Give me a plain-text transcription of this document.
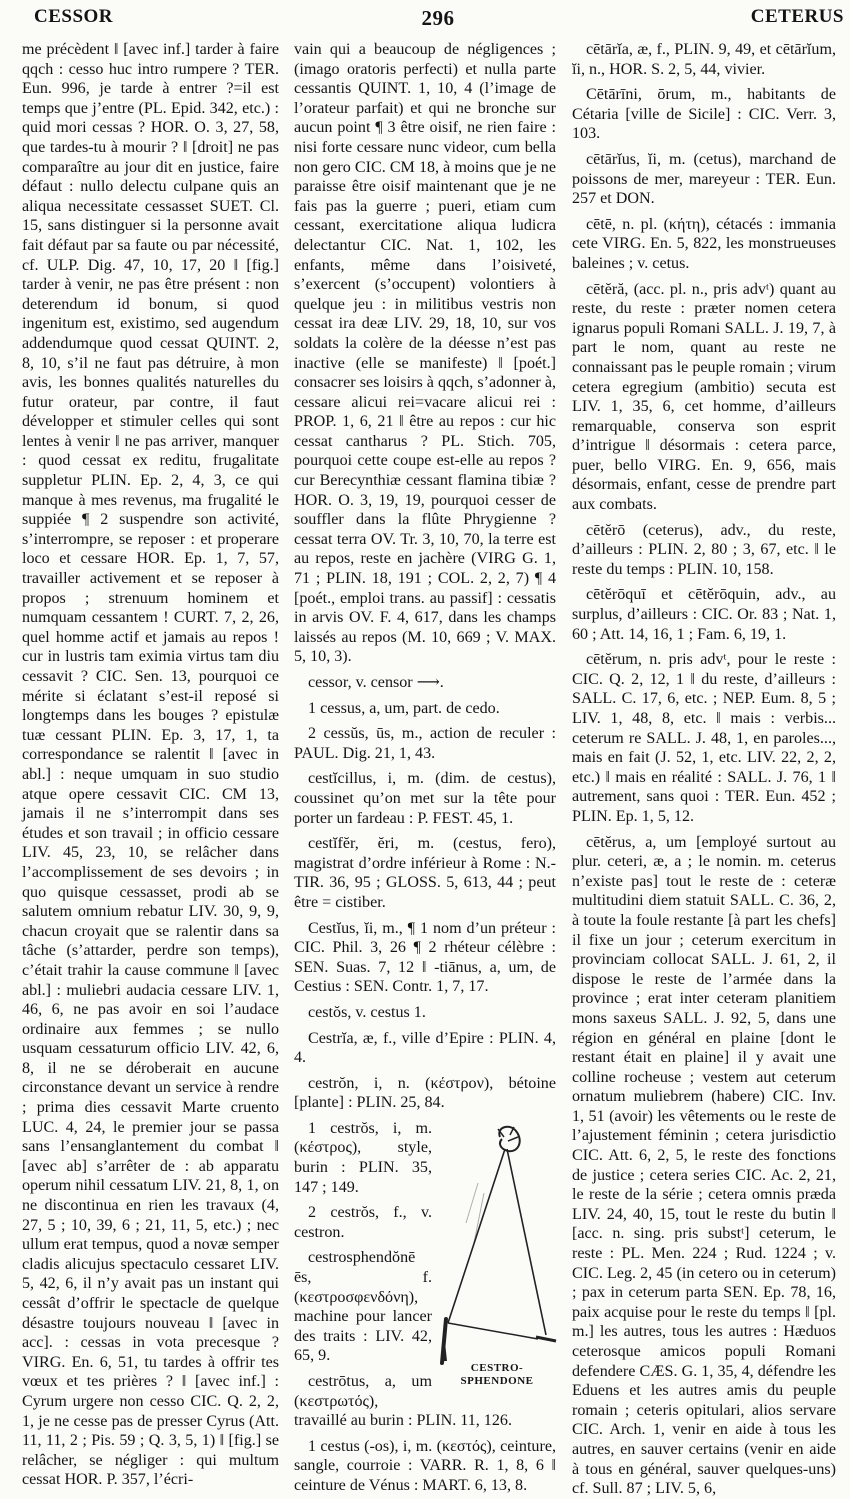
CESSOR	296	CETERUS

me précèdent ‖ [avec inf.] tarder à faire qqch : cesso huc intro rumpere ? TER. Eun. 996, je tarde à entrer ?=il est temps que j’entre (PL. Epid. 342, etc.) : quid mori cessas ? HOR. O. 3, 27, 58, que tardes-tu à mourir ? ‖ [droit] ne pas comparaître au jour dit en justice, faire défaut : nullo delectu culpane quis an aliqua necessitate cessasset SUET. Cl. 15, sans distinguer si la personne avait fait défaut par sa faute ou par nécessité, cf. ULP. Dig. 47, 10, 17, 20 ‖ [fig.] tarder à venir, ne pas être présent : non deterendum id bonum, si quod ingenitum est, existimo, sed augendum addendumque quod cessat QUINT. 2, 8, 10, s’il ne faut pas détruire, à mon avis, les bonnes qualités naturelles du futur orateur, par contre, il faut développer et stimuler celles qui sont lentes à venir ‖ ne pas arriver, manquer : quod cessat ex reditu, frugalitate suppletur PLIN. Ep. 2, 4, 3, ce qui manque à mes revenus, ma frugalité le suppiée ¶ 2 suspendre son activité, s’interrompre, se reposer : et properare loco et cessare HOR. Ep. 1, 7, 57, travailler activement et se reposer à propos ; strenuum hominem et numquam cessantem ! CURT. 7, 2, 26, quel homme actif et jamais au repos ! cur in lustris tam eximia virtus tam diu cessavit ? CIC. Sen. 13, pourquoi ce mérite si éclatant s’est-il reposé si longtemps dans les bouges ? epistulæ tuæ cessant PLIN. Ep. 3, 17, 1, ta correspondance se ralentit ‖ [avec in abl.] : neque umquam in suo studio atque opere cessavit CIC. CM 13, jamais il ne s’interrompit dans ses études et son travail ; in officio cessare LIV. 45, 23, 10, se relâcher dans l’accomplissement de ses devoirs ; in quo quisque cessasset, prodi ab se salutem omnium rebatur LIV. 30, 9, 9, chacun croyait que se ralentir dans sa tâche (s’attarder, perdre son temps), c’était trahir la cause commune ‖ [avec abl.] : muliebri audacia cessare LIV. 1, 46, 6, ne pas avoir en soi l’audace ordinaire aux femmes ; se nullo usquam cessaturum officio LIV. 42, 6, 8, il ne se déroberait en aucune circonstance devant un service à rendre ; prima dies cessavit Marte cruento LUC. 4, 24, le premier jour se passa sans l’ensanglantement du combat ‖ [avec ab] s’arrêter de : ab apparatu operum nihil cessatum LIV. 21, 8, 1, on ne discontinua en rien les travaux (4, 27, 5 ; 10, 39, 6 ; 21, 11, 5, etc.) ; nec ullum erat tempus, quod a novæ semper cladis alicujus spectaculo cessaret LIV. 5, 42, 6, il n’y avait pas un instant qui cessât d’offrir le spectacle de quelque désastre toujours nouveau ‖ [avec in acc]. : cessas in vota precesque ? VIRG. En. 6, 51, tu tardes à offrir tes vœux et tes prières ? ‖ [avec inf.] : Cyrum urgere non cesso CIC. Q. 2, 2, 1, je ne cesse pas de presser Cyrus (Att. 11, 11, 2 ; Pis. 59 ; Q. 3, 5, 1) ‖ [fig.] se relâcher, se négliger : qui multum cessat HOR. P. 357, l’écri-

vain qui a beaucoup de négligences ; (imago oratoris perfecti) et nulla parte cessantis QUINT. 1, 10, 4 (l’image de l’orateur parfait) et qui ne bronche sur aucun point ¶ 3 être oisif, ne rien faire : nisi forte cessare nunc videor, cum bella non gero CIC. CM 18, à moins que je ne paraisse être oisif maintenant que je ne fais pas la guerre ; pueri, etiam cum cessant, exercitatione aliqua ludicra delectantur CIC. Nat. 1, 102, les enfants, même dans l’oisiveté, s’exercent (s’occupent) volontiers à quelque jeu : in militibus vestris non cessat ira deæ LIV. 29, 18, 10, sur vos soldats la colère de la déesse n’est pas inactive (elle se manifeste) ‖ [poét.] consacrer ses loisirs à qqch, s’adonner à, cessare alicui rei=vacare alicui rei : PROP. 1, 6, 21 ‖ être au repos : cur hic cessat cantharus ? PL. Stich. 705, pourquoi cette coupe est-elle au repos ? cur Berecynthiæ cessant flamina tibiæ ? HOR. O. 3, 19, 19, pourquoi cesser de souffler dans la flûte Phrygienne ? cessat terra OV. Tr. 3, 10, 70, la terre est au repos, reste en jachère (VIRG G. 1, 71 ; PLIN. 18, 191 ; COL. 2, 2, 7) ¶ 4 [poét., emploi trans. au passif] : cessatis in arvis OV. F. 4, 617, dans les champs laissés au repos (M. 10, 669 ; V. MAX. 5, 10, 3).

cessor, v. censor ⟶.

1 cessus, a, um, part. de cedo.

2 cessŭs, ūs, m., action de reculer : PAUL. Dig. 21, 1, 43.

cestĭcillus, i, m. (dim. de cestus), coussinet qu’on met sur la tête pour porter un fardeau : P. FEST. 45, 1.

cestĭfĕr, ĕri, m. (cestus, fero), magistrat d’ordre inférieur à Rome : N.-TIR. 36, 95 ; GLOSS. 5, 613, 44 ; peut être = cistiber.

Cestĭus, ĭi, m., ¶ 1 nom d’un préteur : CIC. Phil. 3, 26 ¶ 2 rhéteur célèbre : SEN. Suas. 7, 12 ‖ -tiānus, a, um, de Cestius : SEN. Contr. 1, 7, 17.

cestŏs, v. cestus 1.

Cestrĭa, æ, f., ville d’Epire : PLIN. 4, 4.

cestrŏn, i, n. (κέστρον), bétoine [plante] : PLIN. 25, 84.

CESTRO-
SPHENDONE

1 cestrŏs, i, m. (κέστρος), style, burin : PLIN. 35, 147 ; 149.

2 cestrŏs, f., v. cestron.

cestrosphendŏnē ēs, f. (κεστροσφενδόνη), machine pour lancer des traits : LIV. 42, 65, 9.

cestrōtus, a, um (κεστρωτός), travaillé au burin : PLIN. 11, 126.

1 cestus (-os), i, m. (κεστός), ceinture, sangle, courroie : VARR. R. 1, 8, 6 ‖ ceinture de Vénus : MART. 6, 13, 8.

cētārĭa, æ, f., PLIN. 9, 49, et cētārĭum, ĭi, n., HOR. S. 2, 5, 44, vivier.

Cētārīni, ōrum, m., habitants de Cétaria [ville de Sicile] : CIC. Verr. 3, 103.

cētārĭus, ĭi, m. (cetus), marchand de poissons de mer, mareyeur : TER. Eun. 257 et DON.

cētē, n. pl. (κήτη), cétacés : immania cete VIRG. En. 5, 822, les monstrueuses baleines ; v. cetus.

cētĕră, (acc. pl. n., pris advᵗ) quant au reste, du reste : præter nomen cetera ignarus populi Romani SALL. J. 19, 7, à part le nom, quant au reste ne connaissant pas le peuple romain ; virum cetera egregium (ambitio) secuta est LIV. 1, 35, 6, cet homme, d’ailleurs remarquable, conserva son esprit d’intrigue ‖ désormais : cetera parce, puer, bello VIRG. En. 9, 656, mais désormais, enfant, cesse de prendre part aux combats.

cētĕrō (ceterus), adv., du reste, d’ailleurs : PLIN. 2, 80 ; 3, 67, etc. ‖ le reste du temps : PLIN. 10, 158.

cētĕrōquī et cētĕrōquin, adv., au surplus, d’ailleurs : CIC. Or. 83 ; Nat. 1, 60 ; Att. 14, 16, 1 ; Fam. 6, 19, 1.

cētĕrum, n. pris advᵗ, pour le reste : CIC. Q. 2, 12, 1 ‖ du reste, d’ailleurs : SALL. C. 17, 6, etc. ; NEP. Eum. 8, 5 ; LIV. 1, 48, 8, etc. ‖ mais : verbis... ceterum re SALL. J. 48, 1, en paroles..., mais en fait (J. 52, 1, etc. LIV. 22, 2, 2, etc.) ‖ mais en réalité : SALL. J. 76, 1 ‖ autrement, sans quoi : TER. Eun. 452 ; PLIN. Ep. 1, 5, 12.

cētĕrus, a, um [employé surtout au plur. ceteri, æ, a ; le nomin. m. ceterus n’existe pas] tout le reste de : ceteræ multitudini diem statuit SALL. C. 36, 2, à toute la foule restante [à part les chefs] il fixe un jour ; ceterum exercitum in provinciam collocat SALL. J. 61, 2, il dispose le reste de l’armée dans la province ; erat inter ceteram planitiem mons saxeus SALL. J. 92, 5, dans une région en général en plaine [dont le restant était en plaine] il y avait une colline rocheuse ; vestem aut ceterum ornatum muliebrem (habere) CIC. Inv. 1, 51 (avoir) les vêtements ou le reste de l’ajustement féminin ; cetera jurisdictio CIC. Att. 6, 2, 5, le reste des fonctions de justice ; cetera series CIC. Ac. 2, 21, le reste de la série ; cetera omnis præda LIV. 24, 40, 15, tout le reste du butin ‖ [acc. n. sing. pris substᵗ] ceterum, le reste : PL. Men. 224 ; Rud. 1224 ; v. CIC. Leg. 2, 45 (in cetero ou in ceterum) ; pax in ceterum parta SEN. Ep. 78, 16, paix acquise pour le reste du temps ‖ [pl. m.] les autres, tous les autres : Hæduos ceterosque amicos populi Romani defendere CÆS. G. 1, 35, 4, défendre les Eduens et les autres amis du peuple romain ; ceteris opitulari, alios servare CIC. Arch. 1, venir en aide à tous les autres, en sauver certains (venir en aide à tous en général, sauver quelques-uns) cf. Sull. 87 ; LIV. 5, 6,
